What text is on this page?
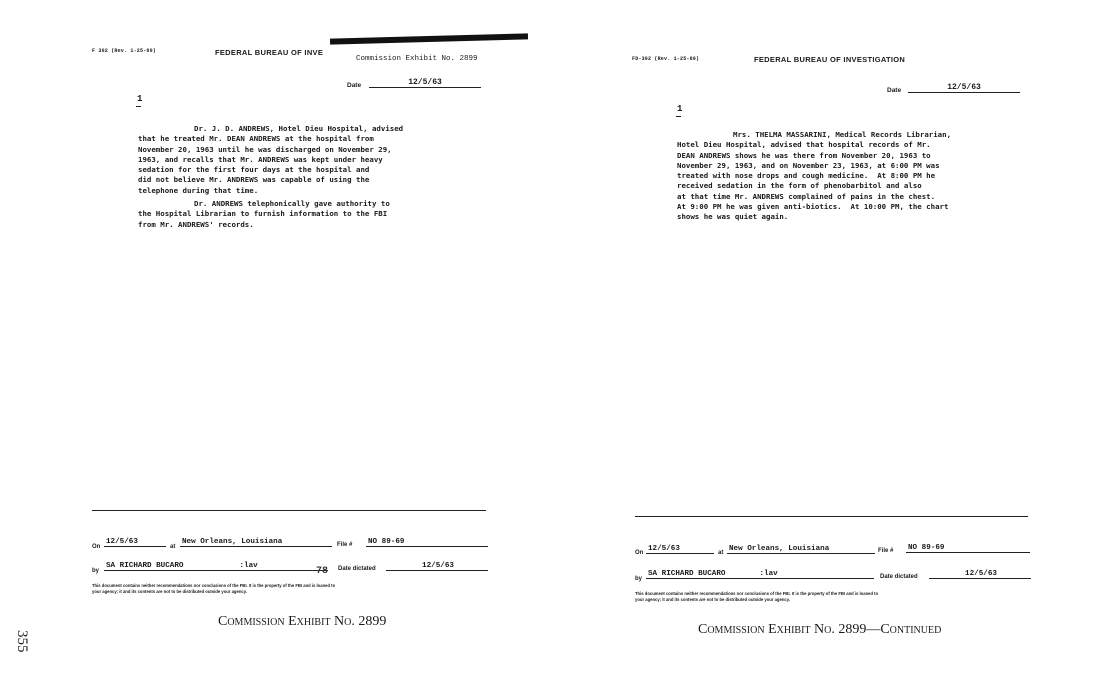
F 302 (Rev. 1-25-60)	FEDERAL BUREAU OF INVE
Commission Exhibit No. 2899
Date	12/5/63
1
Dr. J. D. ANDREWS, Hotel Dieu Hospital, advised
that he treated Mr. DEAN ANDREWS at the hospital from
November 20, 1963 until he was discharged on November 29,
1963, and recalls that Mr. ANDREWS was kept under heavy
sedation for the first four days at the hospital and
did not believe Mr. ANDREWS was capable of using the
telephone during that time.
Dr. ANDREWS telephonically gave authority to
the Hospital Librarian to furnish information to the FBI
from Mr. ANDREWS' records.
On
12/5/63
at
New Orleans, Louisiana	File # NO 89-69
by
SA RICHARD BUCARO	:lav	78 Date dictated	12/5/63
This document contains neither recommendations nor conclusions of the FBI. It is the property of the FBI and is loaned to
your agency; it and its contents are not to be distributed outside your agency.
Commission Exhibit No. 2899
FD-302 (Rev. 1-25-60)	FEDERAL BUREAU OF INVESTIGATION
Date	12/5/63
1
Mrs. THELMA MASSARINI, Medical Records Librarian,
Hotel Dieu Hospital, advised that hospital records of Mr.
DEAN ANDREWS shows he was there from November 20, 1963 to
November 29, 1963, and on November 23, 1963, at 6:00 PM was
treated with nose drops and cough medicine.  At 8:00 PM he
received sedation in the form of phenobarbitol and also
at that time Mr. ANDREWS complained of pains in the chest.
At 9:00 PM he was given anti-biotics.  At 10:00 PM, the chart
shows he was quiet again.
On 12/5/63	at New Orleans, Louisiana	File # NO 89-69
by
SA RICHARD BUCARO	:lav	Date dictated	12/5/63
This document contains neither recommendations nor conclusions of the FBI. It is the property of the FBI and is loaned to
your agency; it and its contents are not to be distributed outside your agency.
Commission Exhibit No. 2899—Continued
355
